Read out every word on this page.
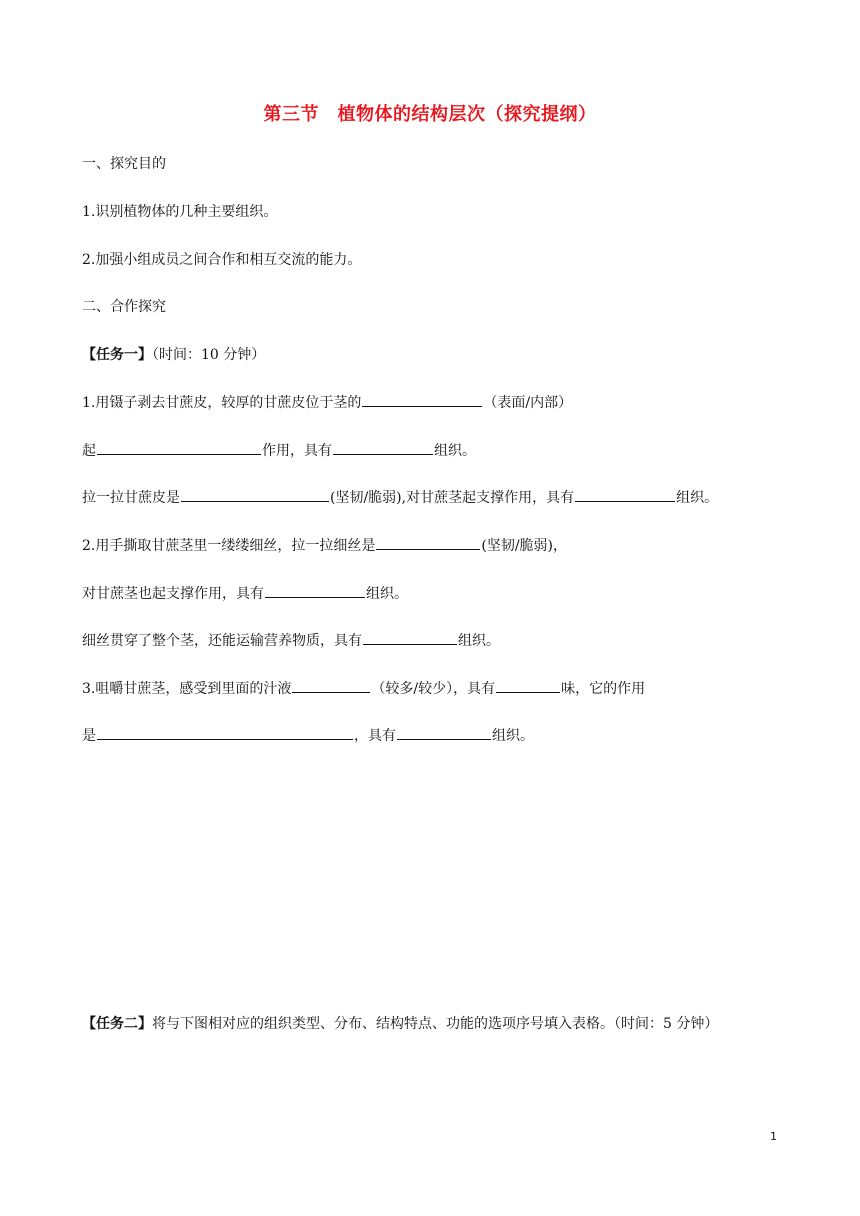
第三节　植物体的结构层次（探究提纲）
一、探究目的
1.识别植物体的几种主要组织。
2.加强小组成员之间合作和相互交流的能力。
二、合作探究
【任务一】（时间：10 分钟）
1.用镊子剥去甘蔗皮，较厚的甘蔗皮位于茎的	（表面/内部）
起	作用，具有	组织。
拉一拉甘蔗皮是	(坚韧/脆弱),对甘蔗茎起支撑作用，具有	组织。
2.用手撕取甘蔗茎里一缕缕细丝，拉一拉细丝是	(坚韧/脆弱)，
对甘蔗茎也起支撑作用，具有	组织。
细丝贯穿了整个茎，还能运输营养物质，具有	组织。
3.咀嚼甘蔗茎，感受到里面的汁液	（较多/较少），具有	味，它的作用
是	，具有	组织。
【任务二】将与下图相对应的组织类型、分布、结构特点、功能的选项序号填入表格。（时间：5 分钟）
1
